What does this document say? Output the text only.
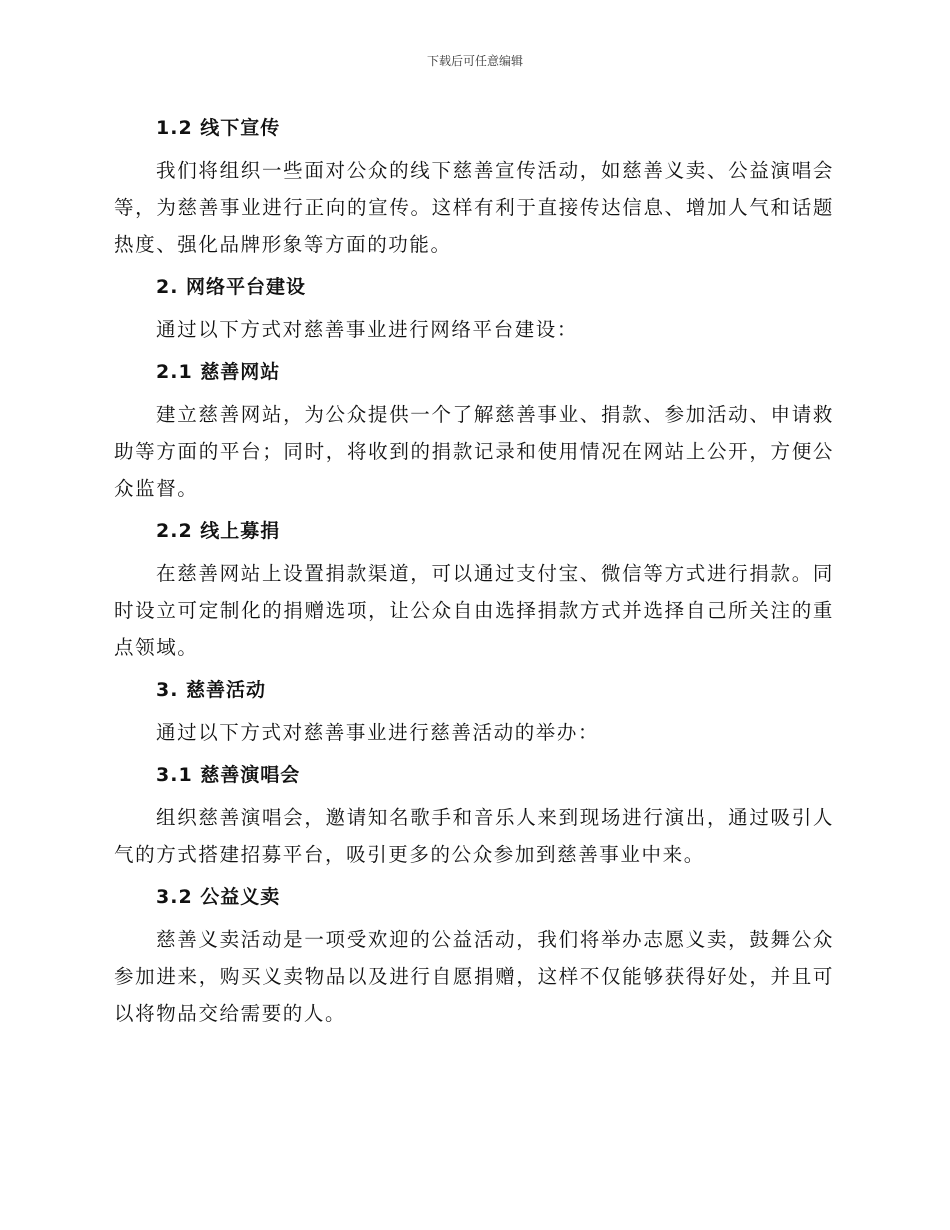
下载后可任意编辑
1.2 线下宣传
我们将组织一些面对公众的线下慈善宣传活动，如慈善义卖、公益演唱会等，为慈善事业进行正向的宣传。这样有利于直接传达信息、增加人气和话题热度、强化品牌形象等方面的功能。
2. 网络平台建设
通过以下方式对慈善事业进行网络平台建设：
2.1 慈善网站
建立慈善网站，为公众提供一个了解慈善事业、捐款、参加活动、申请救助等方面的平台；同时，将收到的捐款记录和使用情况在网站上公开，方便公众监督。
2.2 线上募捐
在慈善网站上设置捐款渠道，可以通过支付宝、微信等方式进行捐款。同时设立可定制化的捐赠选项，让公众自由选择捐款方式并选择自己所关注的重点领域。
3. 慈善活动
通过以下方式对慈善事业进行慈善活动的举办：
3.1 慈善演唱会
组织慈善演唱会，邀请知名歌手和音乐人来到现场进行演出，通过吸引人气的方式搭建招募平台，吸引更多的公众参加到慈善事业中来。
3.2 公益义卖
慈善义卖活动是一项受欢迎的公益活动，我们将举办志愿义卖，鼓舞公众参加进来，购买义卖物品以及进行自愿捐赠，这样不仅能够获得好处，并且可以将物品交给需要的人。
